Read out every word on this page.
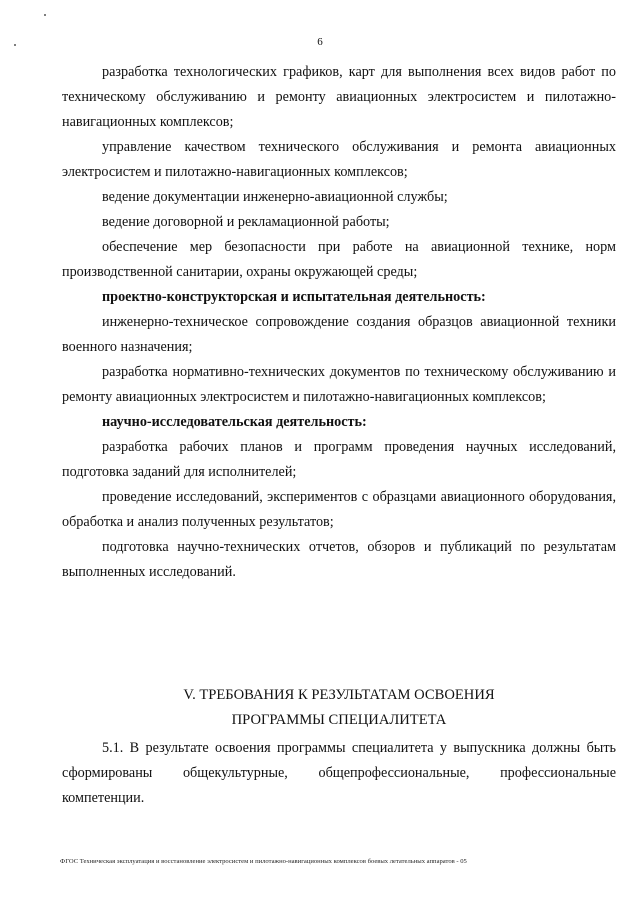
6

разработка технологических графиков, карт для выполнения всех видов работ по техническому обслуживанию и ремонту авиационных электросистем и пилотажно-навигационных комплексов;

управление качеством технического обслуживания и ремонта авиационных электросистем и пилотажно-навигационных комплексов;

ведение документации инженерно-авиационной службы;

ведение договорной и рекламационной работы;

обеспечение мер безопасности при работе на авиационной технике, норм производственной санитарии, охраны окружающей среды;

проектно-конструкторская и испытательная деятельность:

инженерно-техническое сопровождение создания образцов авиационной техники военного назначения;

разработка нормативно-технических документов по техническому обслуживанию и ремонту авиационных электросистем и пилотажно-навигационных комплексов;

научно-исследовательская деятельность:

разработка рабочих планов и программ проведения научных исследований, подготовка заданий для исполнителей;

проведение исследований, экспериментов с образцами авиационного оборудования, обработка и анализ полученных результатов;

подготовка научно-технических отчетов, обзоров и публикаций по результатам выполненных исследований.

V. ТРЕБОВАНИЯ К РЕЗУЛЬТАТАМ ОСВОЕНИЯ
ПРОГРАММЫ СПЕЦИАЛИТЕТА

5.1. В результате освоения программы специалитета у выпускника должны быть сформированы общекультурные, общепрофессиональные, профессиональные компетенции.

ФГОС Техническая эксплуатация и восстановление электросистем и пилотажно-навигационных комплексов боевых летательных аппаратов - 05
